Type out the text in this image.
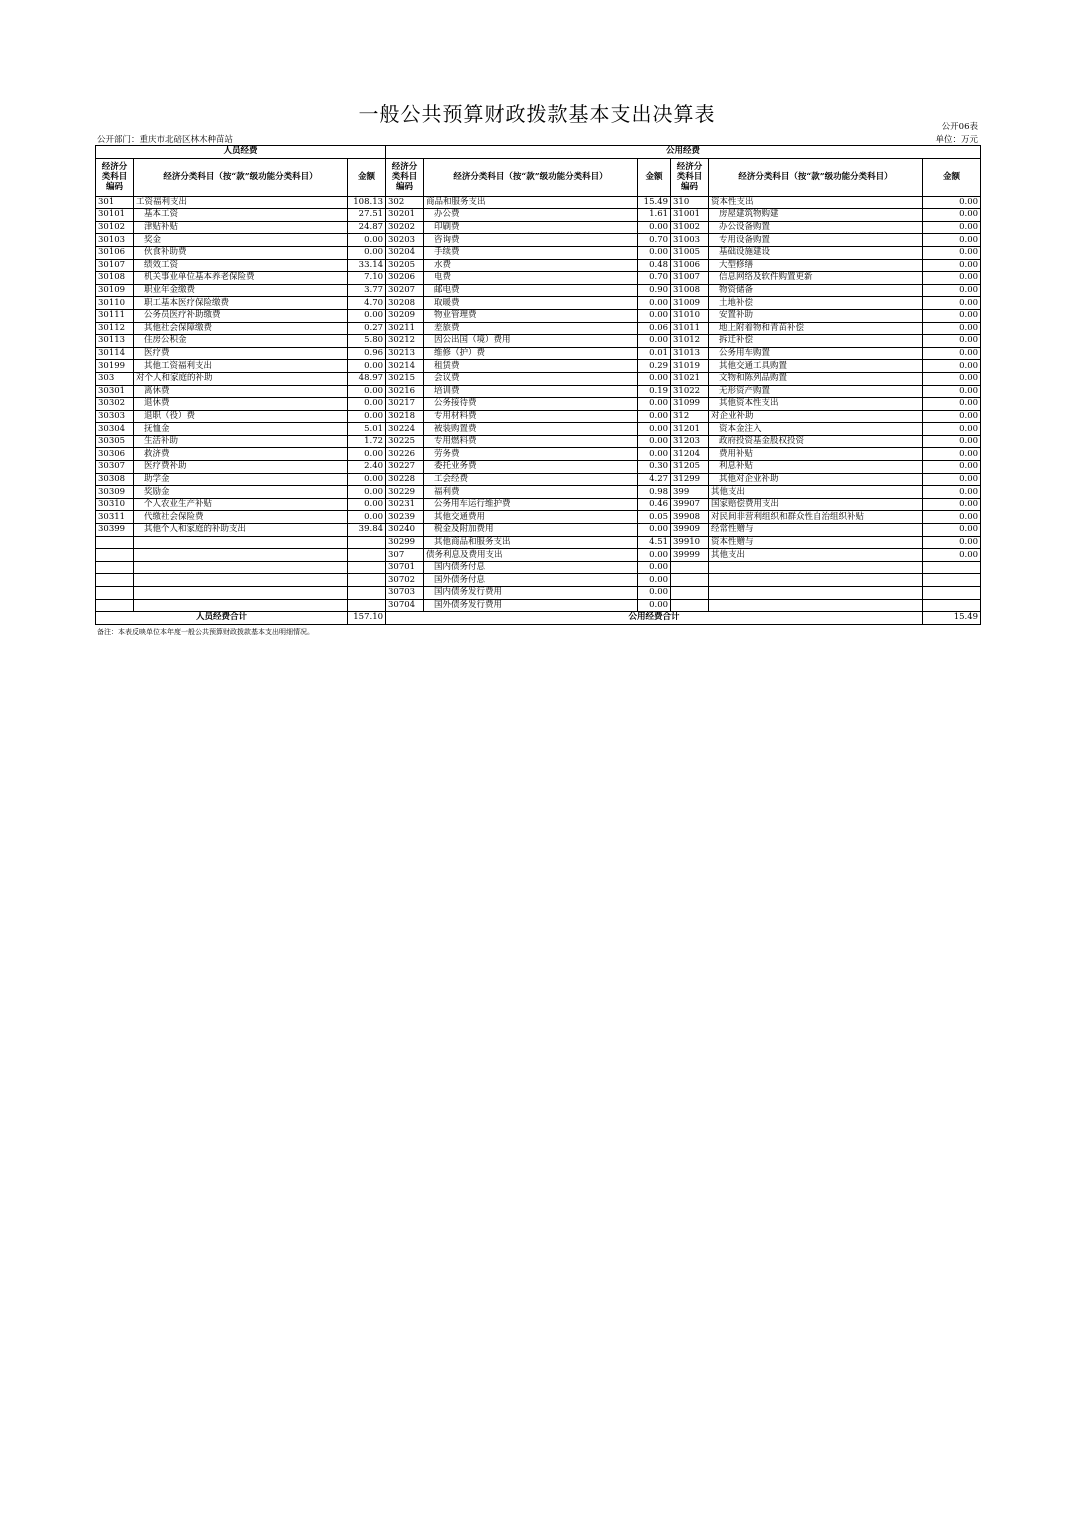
一般公共预算财政拨款基本支出决算表
公开06表
公开部门：重庆市北碚区林木种苗站	单位：万元
人员经费			公用经费					
经济分类科目编码	经济分类科目（按“款”级功能分类科目）	金额	经济分类科目编码	经济分类科目（按“款”级功能分类科目）	金额	经济分类科目编码	经济分类科目（按“款”级功能分类科目）	金额
301	工资福利支出	108.13	302	商品和服务支出	15.49	310	资本性支出	0.00
30101	基本工资	27.51	30201	办公费	1.61	31001	房屋建筑物购建	0.00
30102	津贴补贴	24.87	30202	印刷费	0.00	31002	办公设备购置	0.00
30103	奖金	0.00	30203	咨询费	0.70	31003	专用设备购置	0.00
30106	伙食补助费	0.00	30204	手续费	0.00	31005	基础设施建设	0.00
30107	绩效工资	33.14	30205	水费	0.48	31006	大型修缮	0.00
30108	机关事业单位基本养老保险费	7.10	30206	电费	0.70	31007	信息网络及软件购置更新	0.00
30109	职业年金缴费	3.77	30207	邮电费	0.90	31008	物资储备	0.00
30110	职工基本医疗保险缴费	4.70	30208	取暖费	0.00	31009	土地补偿	0.00
30111	公务员医疗补助缴费	0.00	30209	物业管理费	0.00	31010	安置补助	0.00
30112	其他社会保障缴费	0.27	30211	差旅费	0.06	31011	地上附着物和青苗补偿	0.00
30113	住房公积金	5.80	30212	因公出国（境）费用	0.00	31012	拆迁补偿	0.00
30114	医疗费	0.96	30213	维修（护）费	0.01	31013	公务用车购置	0.00
30199	其他工资福利支出	0.00	30214	租赁费	0.29	31019	其他交通工具购置	0.00
303	对个人和家庭的补助	48.97	30215	会议费	0.00	31021	文物和陈列品购置	0.00
30301	离休费	0.00	30216	培训费	0.19	31022	无形资产购置	0.00
30302	退休费	0.00	30217	公务接待费	0.00	31099	其他资本性支出	0.00
30303	退职（役）费	0.00	30218	专用材料费	0.00	312	对企业补助	0.00
30304	抚恤金	5.01	30224	被装购置费	0.00	31201	资本金注入	0.00
30305	生活补助	1.72	30225	专用燃料费	0.00	31203	政府投资基金股权投资	0.00
30306	救济费	0.00	30226	劳务费	0.00	31204	费用补贴	0.00
30307	医疗费补助	2.40	30227	委托业务费	0.30	31205	利息补贴	0.00
30308	助学金	0.00	30228	工会经费	4.27	31299	其他对企业补助	0.00
30309	奖励金	0.00	30229	福利费	0.98	399	其他支出	0.00
30310	个人农业生产补贴	0.00	30231	公务用车运行维护费	0.46	39907	国家赔偿费用支出	0.00
30311	代缴社会保险费	0.00	30239	其他交通费用	0.05	39908	对民间非营利组织和群众性自治组织补贴	0.00
30399	其他个人和家庭的补助支出	39.84	30240	税金及附加费用	0.00	39909	经常性赠与	0.00
			30299	其他商品和服务支出	4.51	39910	资本性赠与	0.00
			307	债务利息及费用支出	0.00	39999	其他支出	0.00
			30701	国内债务付息	0.00			
			30702	国外债务付息	0.00			
			30703	国内债务发行费用	0.00			
			30704	国外债务发行费用	0.00			
人员经费合计		157.10	公用经费合计					15.49
备注：本表反映单位本年度一般公共预算财政拨款基本支出明细情况。
